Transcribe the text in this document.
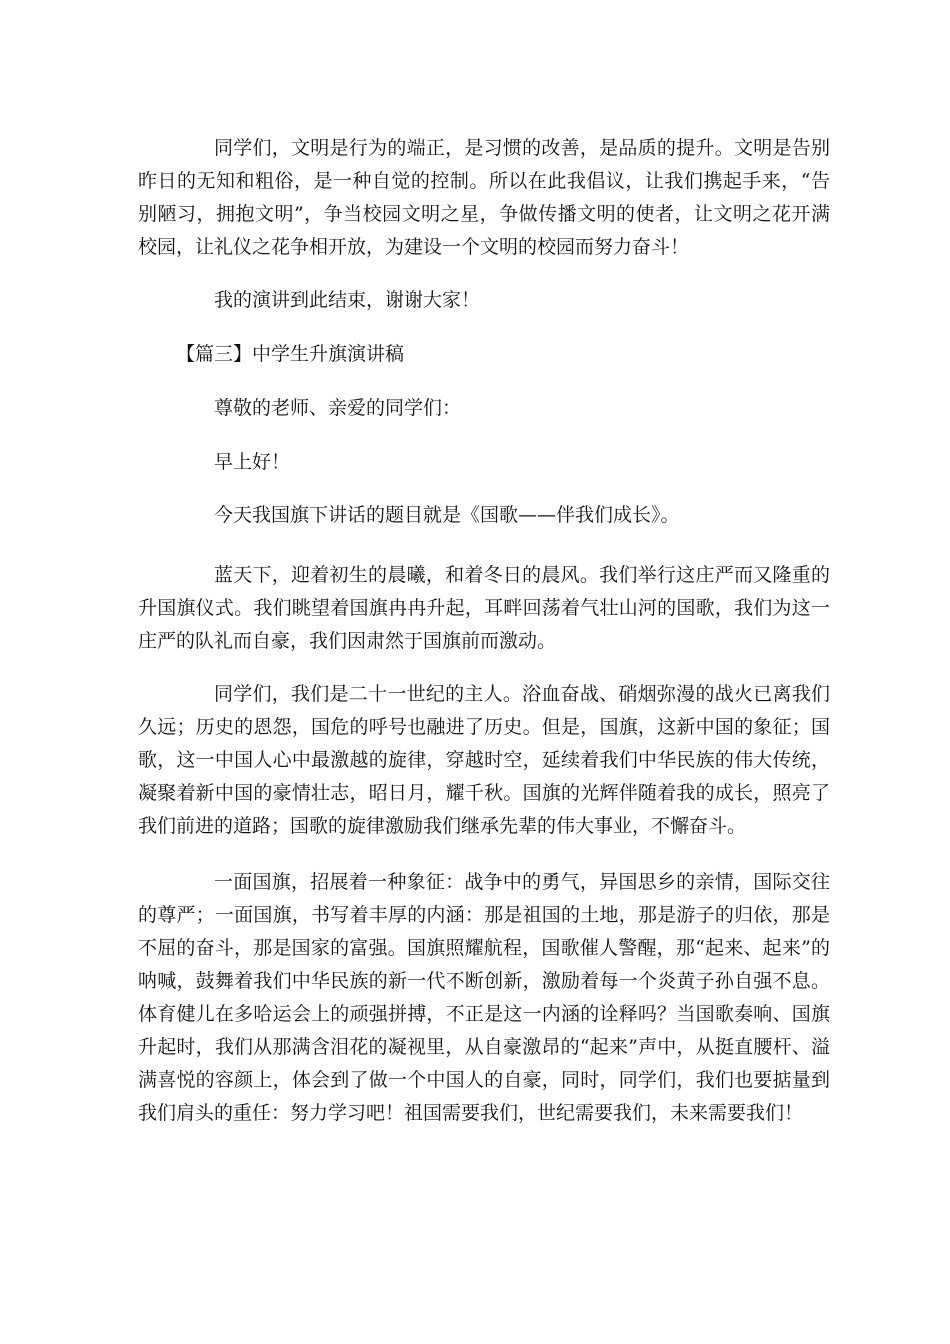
同学们，文明是行为的端正，是习惯的改善，是品质的提升。文明是告别昨日的无知和粗俗，是一种自觉的控制。所以在此我倡议，让我们携起手来，“告别陋习，拥抱文明”，争当校园文明之星，争做传播文明的使者，让文明之花开满校园，让礼仪之花争相开放，为建设一个文明的校园而努力奋斗！

我的演讲到此结束，谢谢大家！

【篇三】中学生升旗演讲稿

尊敬的老师、亲爱的同学们：

早上好！

今天我国旗下讲话的题目就是《国歌——伴我们成长》。

蓝天下，迎着初生的晨曦，和着冬日的晨风。我们举行这庄严而又隆重的升国旗仪式。我们眺望着国旗冉冉升起，耳畔回荡着气壮山河的国歌，我们为这一庄严的队礼而自豪，我们因肃然于国旗前而激动。

同学们，我们是二十一世纪的主人。浴血奋战、硝烟弥漫的战火已离我们久远；历史的恩怨，国危的呼号也融进了历史。但是，国旗，这新中国的象征；国歌，这一中国人心中最激越的旋律，穿越时空，延续着我们中华民族的伟大传统，凝聚着新中国的豪情壮志，昭日月，耀千秋。国旗的光辉伴随着我的成长，照亮了我们前进的道路；国歌的旋律激励我们继承先辈的伟大事业，不懈奋斗。

一面国旗，招展着一种象征：战争中的勇气，异国思乡的亲情，国际交往的尊严；一面国旗，书写着丰厚的内涵：那是祖国的土地，那是游子的归依，那是不屈的奋斗，那是国家的富强。国旗照耀航程，国歌催人警醒，那“起来、起来”的呐喊，鼓舞着我们中华民族的新一代不断创新，激励着每一个炎黄子孙自强不息。体育健儿在多哈运会上的顽强拼搏，不正是这一内涵的诠释吗？当国歌奏响、国旗升起时，我们从那满含泪花的凝视里，从自豪激昂的“起来”声中，从挺直腰杆、溢满喜悦的容颜上，体会到了做一个中国人的自豪，同时，同学们，我们也要掂量到我们肩头的重任：努力学习吧！祖国需要我们，世纪需要我们，未来需要我们！
